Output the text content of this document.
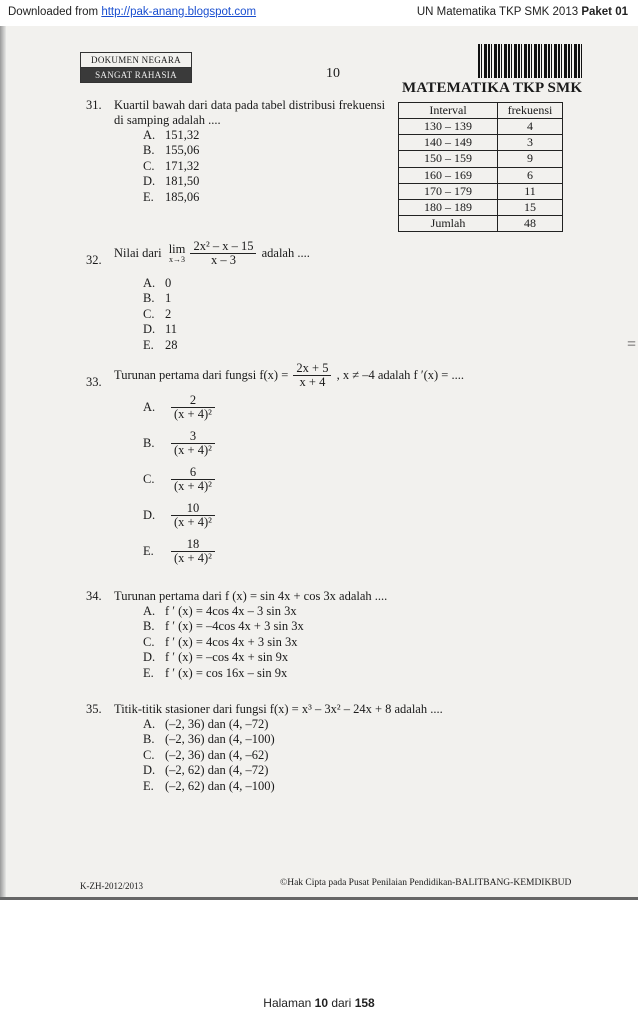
Downloaded from http://pak-anang.blogspot.com	UN Matematika TKP SMK 2013 Paket 01
=
DOKUMEN NEGARA
SANGAT RAHASIA	10
MATEMATIKA TKP SMK
Interval	frekuensi
130 – 139	4
140 – 149	3
150 – 159	9
160 – 169	6
170 – 179	11
180 – 189	15
Jumlah	48
31. Kuartil bawah dari data pada tabel distribusi frekuensi
di samping adalah ....
A. 151,32
B. 155,06
C. 171,32
D. 181,50
E. 185,06
32. Nilai dari lim
x→3
$\frac{\text{2x² – x – 15}}{x - 3}$ adalah ....
A. 0
B. 1
C. 2
D. 11
E. 28
33. Turunan pertama dari fungsi $f(x) = \frac{2x + 5}{x + 4}$ , x ≠ –4 adalah f ′(x) = ....
A. $\frac{2}{\text{(x + 4)²}}$
B. $\frac{3}{\text{(x + 4)²}}$
C. $\frac{6}{\text{(x + 4)²}}$
D. $\frac{10}{\text{(x + 4)²}}$
E. $\frac{18}{\text{(x + 4)²}}$
34. Turunan pertama dari f (x) = sin 4x + cos 3x adalah ....
A. f ′ (x) = 4cos 4x – 3 sin 3x
B. f ′ (x) = –4cos 4x + 3 sin 3x
C. f ′ (x) = 4cos 4x + 3 sin 3x
D. f ′ (x) = –cos 4x + sin 9x
E. f ′ (x) = cos 16x – sin 9x
35. Titik-titik stasioner dari fungsi f(x) = x³ – 3x² – 24x + 8 adalah ....
A. (–2, 36) dan (4, –72)
B. (–2, 36) dan (4, –100)
C. (–2, 36) dan (4, –62)
D. (–2, 62) dan (4, –72)
E. (–2, 62) dan (4, –100)
K-ZH-2012/2013	©Hak Cipta pada Pusat Penilaian Pendidikan-BALITBANG-KEMDIKBUD
Halaman 10 dari 158
